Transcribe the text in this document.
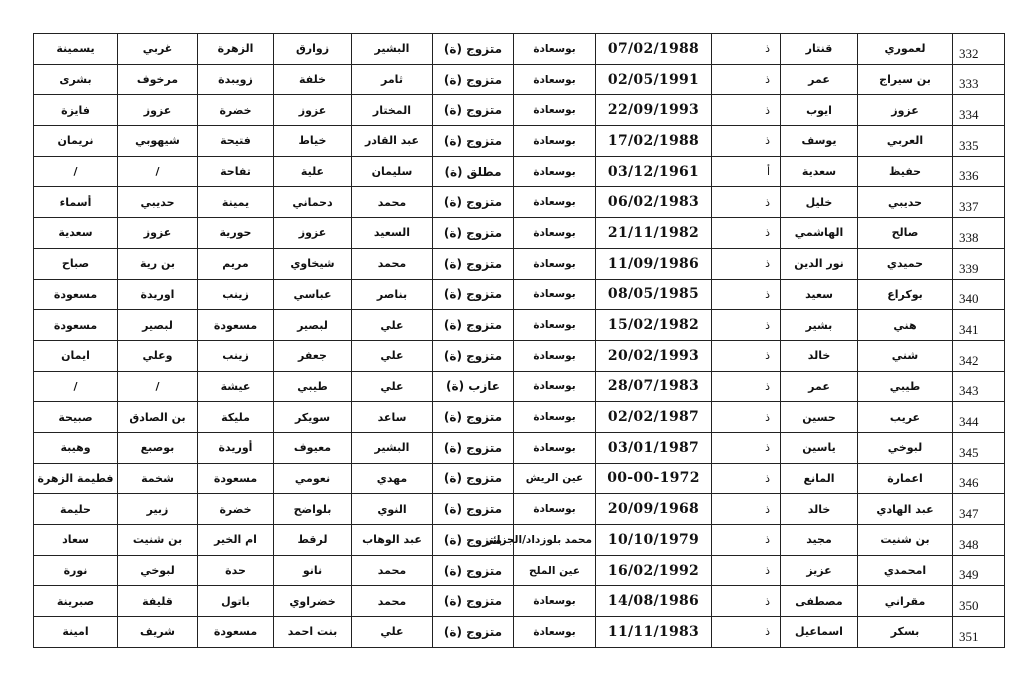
يسمينة	غربي	الزهرة	زوارق	البشير	متزوج (ة)	بوسعادة	07/02/1988	ذ	قنتار	لعموري	332
بشرى	مرخوف	زويبدة	خلفة	ثامر	متزوج (ة)	بوسعادة	02/05/1991	ذ	عمر	بن سيراج	333
فايزة	عزوز	خضرة	عزوز	المختار	متزوج (ة)	بوسعادة	22/09/1993	ذ	ايوب	عزوز	334
نريمان	شيهوبي	فتيحة	خياط	عبد القادر	متزوج (ة)	بوسعادة	17/02/1988	ذ	يوسف	العربي	335
/	/	تفاحة	علية	سليمان	مطلق (ة)	بوسعادة	03/12/1961	أ	سعدية	حفيظ	336
أسماء	حديبي	يمينة	دحماني	محمد	متزوج (ة)	بوسعادة	06/02/1983	ذ	خليل	حديبي	337
سعدية	عزوز	حورية	عزوز	السعيد	متزوج (ة)	بوسعادة	21/11/1982	ذ	الهاشمي	صالح	338
صباح	بن رية	مريم	شيخاوي	محمد	متزوج (ة)	بوسعادة	11/09/1986	ذ	نور الدين	حميدي	339
مسعودة	اوريدة	زينب	عباسي	بناصر	متزوج (ة)	بوسعادة	08/05/1985	ذ	سعيد	بوكراع	340
مسعودة	لبصير	مسعودة	لبصير	علي	متزوج (ة)	بوسعادة	15/02/1982	ذ	بشير	هني	341
ايمان	وعلي	زينب	جعفر	علي	متزوج (ة)	بوسعادة	20/02/1993	ذ	خالد	شني	342
/	/	عيشة	طيبي	علي	عازب (ة)	بوسعادة	28/07/1983	ذ	عمر	طيبي	343
صبيحة	بن الصادق	مليكة	سويكر	ساعد	متزوج (ة)	بوسعادة	02/02/1987	ذ	حسين	عريب	344
وهيبة	بوصبع	أوريدة	معيوف	البشير	متزوج (ة)	بوسعادة	03/01/1987	ذ	ياسين	لبوخي	345
فطيمة الزهرة	شخمة	مسعودة	نعومي	مهدي	متزوج (ة)	عين الريش	00-00-1972	ذ	المانع	اعمارة	346
حليمة	زبير	خضرة	بلواضح	النوي	متزوج (ة)	بوسعادة	20/09/1968	ذ	خالد	عبد الهادي	347
سعاد	بن شنيت	ام الخير	لرقط	عبد الوهاب	متزوج (ة)	محمد بلوزداد/الجزائر	10/10/1979	ذ	مجيد	بن شنيت	348
نورة	لبوخي	حدة	نانو	محمد	متزوج (ة)	عين الملح	16/02/1992	ذ	عزيز	امحمدي	349
صبرينة	قليفة	باتول	خضراوي	محمد	متزوج (ة)	بوسعادة	14/08/1986	ذ	مصطفى	مقراني	350
امينة	شريف	مسعودة	بنت احمد	علي	متزوج (ة)	بوسعادة	11/11/1983	ذ	اسماعيل	بسكر	351
